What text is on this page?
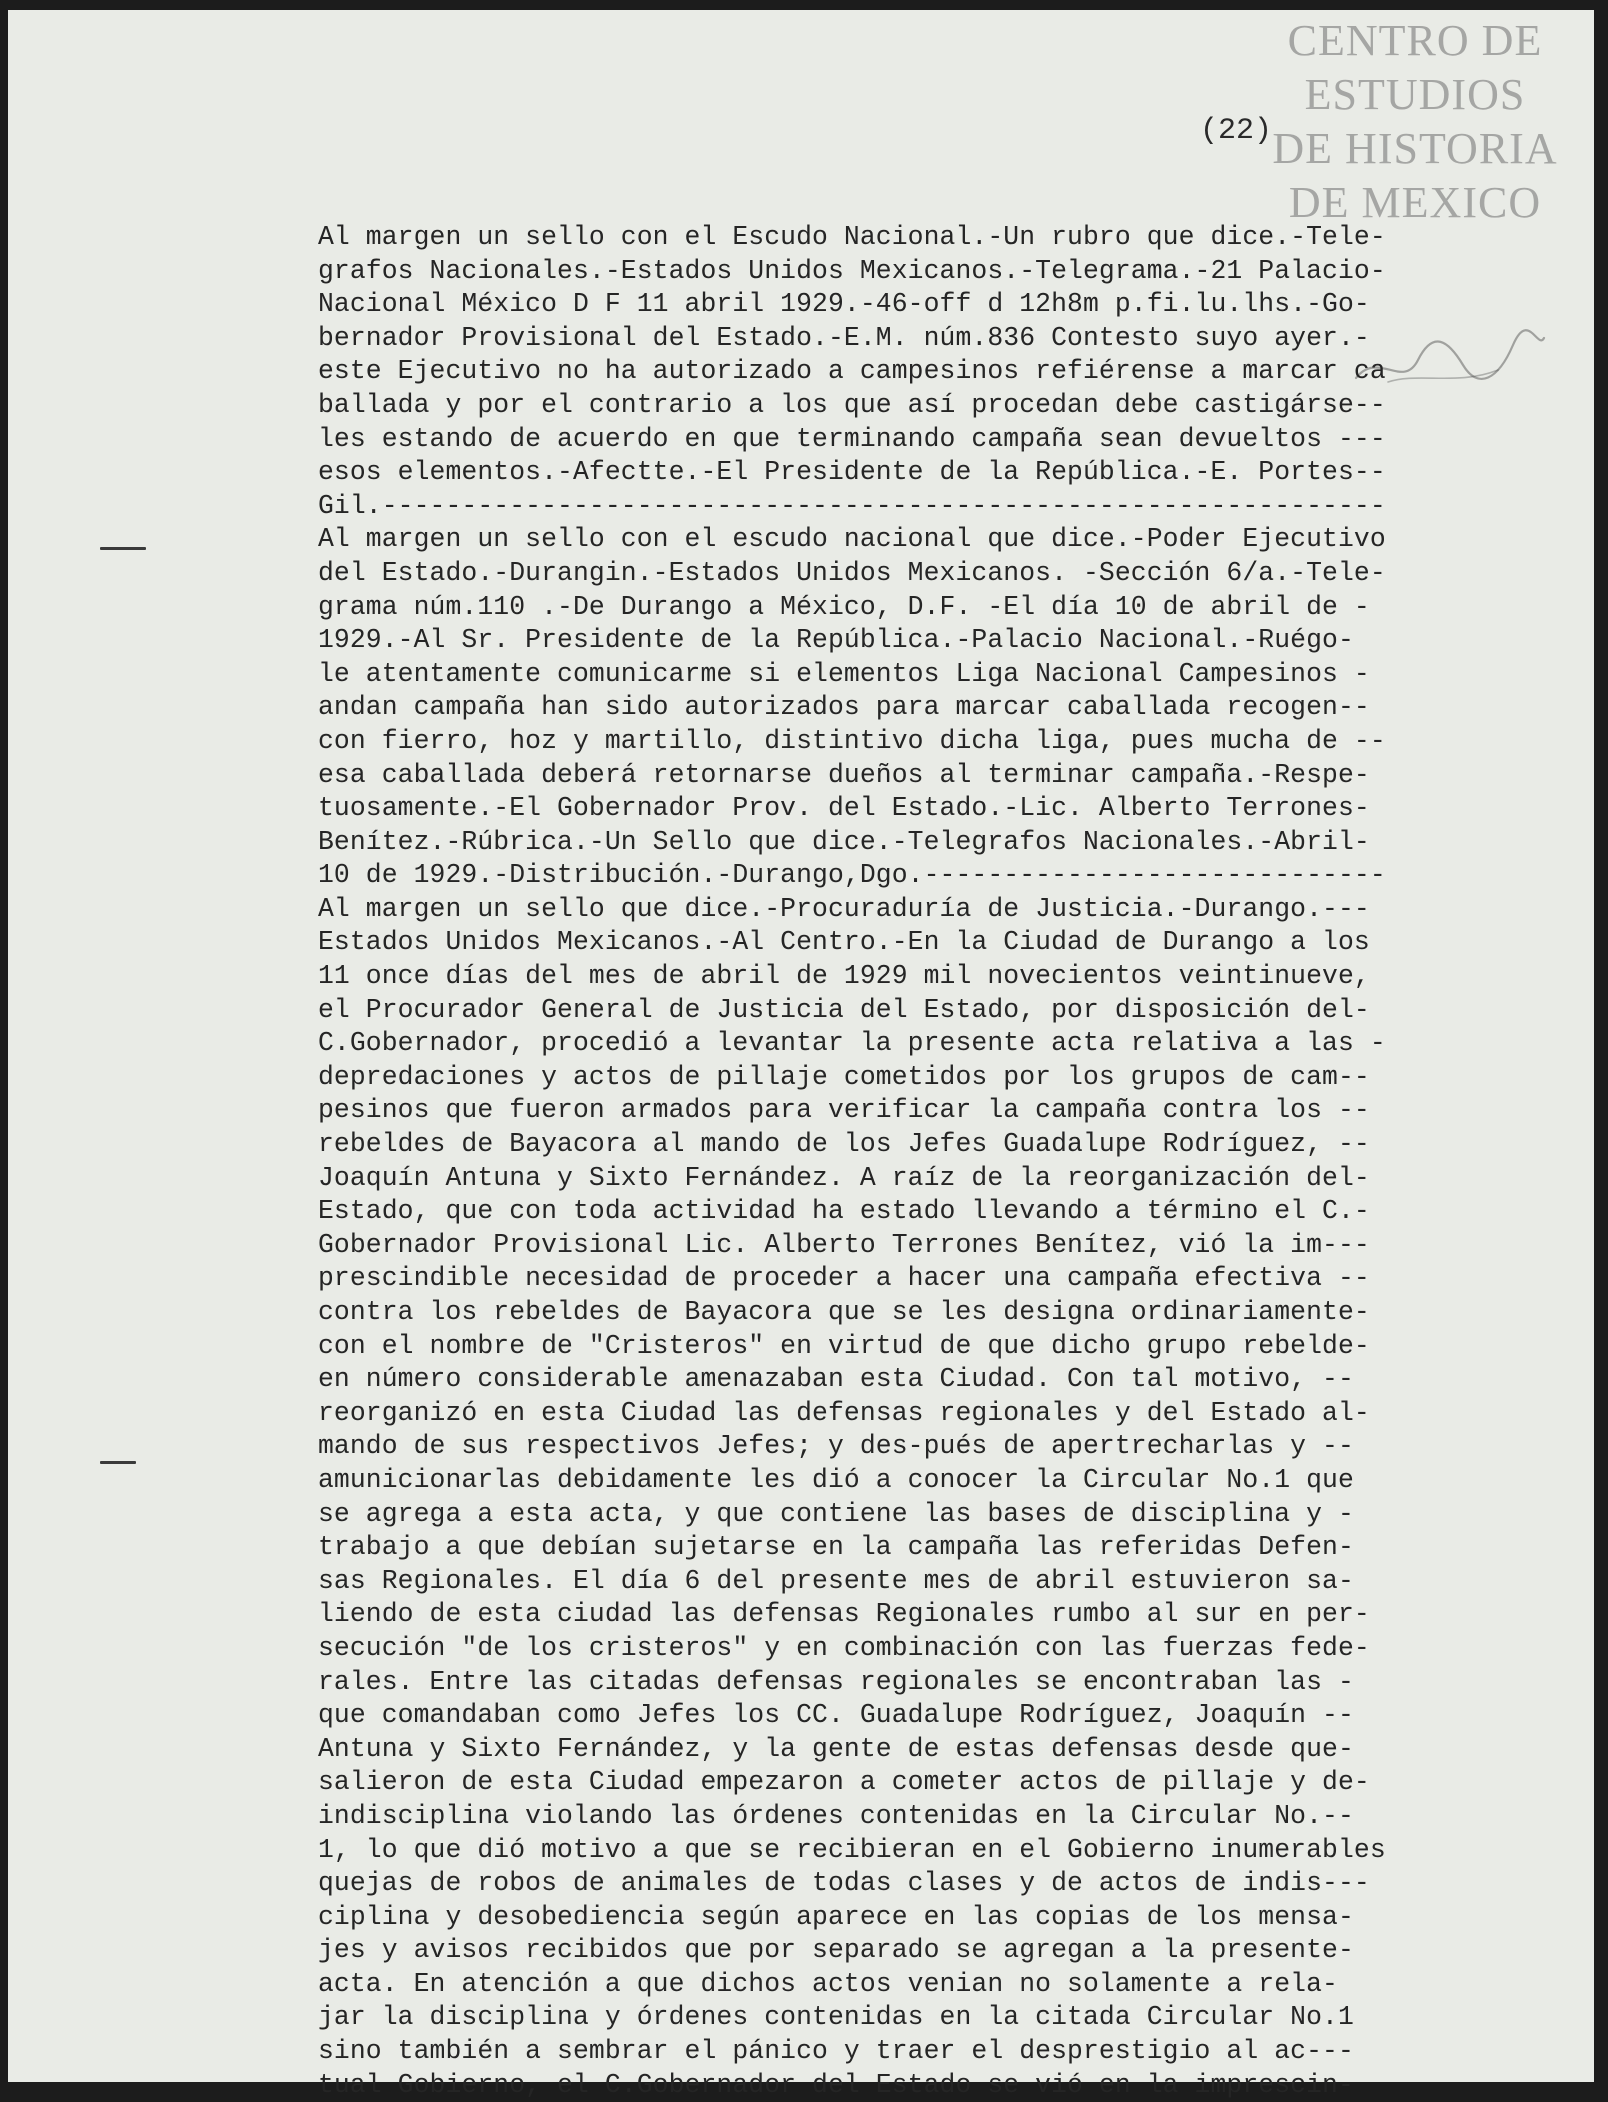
CENTRO DE
ESTUDIOS
DE HISTORIA
DE MEXICO
(22)
Al margen un sello con el Escudo Nacional.-Un rubro que dice.-Tele-
grafos Nacionales.-Estados Unidos Mexicanos.-Telegrama.-21 Palacio-
Nacional México D F 11 abril 1929.-46-off d 12h8m p.fi.lu.lhs.-Go-
bernador Provisional del Estado.-E.M. núm.836 Contesto suyo ayer.-
este Ejecutivo no ha autorizado a campesinos refiérense a marcar ca
ballada y por el contrario a los que así procedan debe castigárse--
les estando de acuerdo en que terminando campaña sean devueltos ---
esos elementos.-Afectte.-El Presidente de la República.-E. Portes--
Gil.---------------------------------------------------------------
Al margen un sello con el escudo nacional que dice.-Poder Ejecutivo
del Estado.-Durangin.-Estados Unidos Mexicanos. -Sección 6/a.-Tele-
grama núm.110 .-De Durango a México, D.F. -El día 10 de abril de -
1929.-Al Sr. Presidente de la República.-Palacio Nacional.-Ruégo-
le atentamente comunicarme si elementos Liga Nacional Campesinos -
andan campaña han sido autorizados para marcar caballada recogen--
con fierro, hoz y martillo, distintivo dicha liga, pues mucha de --
esa caballada deberá retornarse dueños al terminar campaña.-Respe-
tuosamente.-El Gobernador Prov. del Estado.-Lic. Alberto Terrones-
Benítez.-Rúbrica.-Un Sello que dice.-Telegrafos Nacionales.-Abril-
10 de 1929.-Distribución.-Durango,Dgo.-----------------------------
Al margen un sello que dice.-Procuraduría de Justicia.-Durango.---
Estados Unidos Mexicanos.-Al Centro.-En la Ciudad de Durango a los
11 once días del mes de abril de 1929 mil novecientos veintinueve,
el Procurador General de Justicia del Estado, por disposición del-
C.Gobernador, procedió a levantar la presente acta relativa a las -
depredaciones y actos de pillaje cometidos por los grupos de cam--
pesinos que fueron armados para verificar la campaña contra los --
rebeldes de Bayacora al mando de los Jefes Guadalupe Rodríguez, --
Joaquín Antuna y Sixto Fernández. A raíz de la reorganización del-
Estado, que con toda actividad ha estado llevando a término el C.-
Gobernador Provisional Lic. Alberto Terrones Benítez, vió la im---
prescindible necesidad de proceder a hacer una campaña efectiva --
contra los rebeldes de Bayacora que se les designa ordinariamente-
con el nombre de "Cristeros" en virtud de que dicho grupo rebelde-
en número considerable amenazaban esta Ciudad. Con tal motivo, --
reorganizó en esta Ciudad las defensas regionales y del Estado al-
mando de sus respectivos Jefes; y des-pués de apertrecharlas y --
amunicionarlas debidamente les dió a conocer la Circular No.1 que
se agrega a esta acta, y que contiene las bases de disciplina y -
trabajo a que debían sujetarse en la campaña las referidas Defen-
sas Regionales. El día 6 del presente mes de abril estuvieron sa-
liendo de esta ciudad las defensas Regionales rumbo al sur en per-
secución "de los cristeros" y en combinación con las fuerzas fede-
rales. Entre las citadas defensas regionales se encontraban las -
que comandaban como Jefes los CC. Guadalupe Rodríguez, Joaquín --
Antuna y Sixto Fernández, y la gente de estas defensas desde que-
salieron de esta Ciudad empezaron a cometer actos de pillaje y de-
indisciplina violando las órdenes contenidas en la Circular No.--
1, lo que dió motivo a que se recibieran en el Gobierno inumerables
quejas de robos de animales de todas clases y de actos de indis---
ciplina y desobediencia según aparece en las copias de los mensa-
jes y avisos recibidos que por separado se agregan a la presente-
acta. En atención a que dichos actos venian no solamente a rela-
jar la disciplina y órdenes contenidas en la citada Circular No.1
sino también a sembrar el pánico y traer el desprestigio al ac---
tual Gobierno, el C.Gobernador del Estado se vió en la imprescin-
